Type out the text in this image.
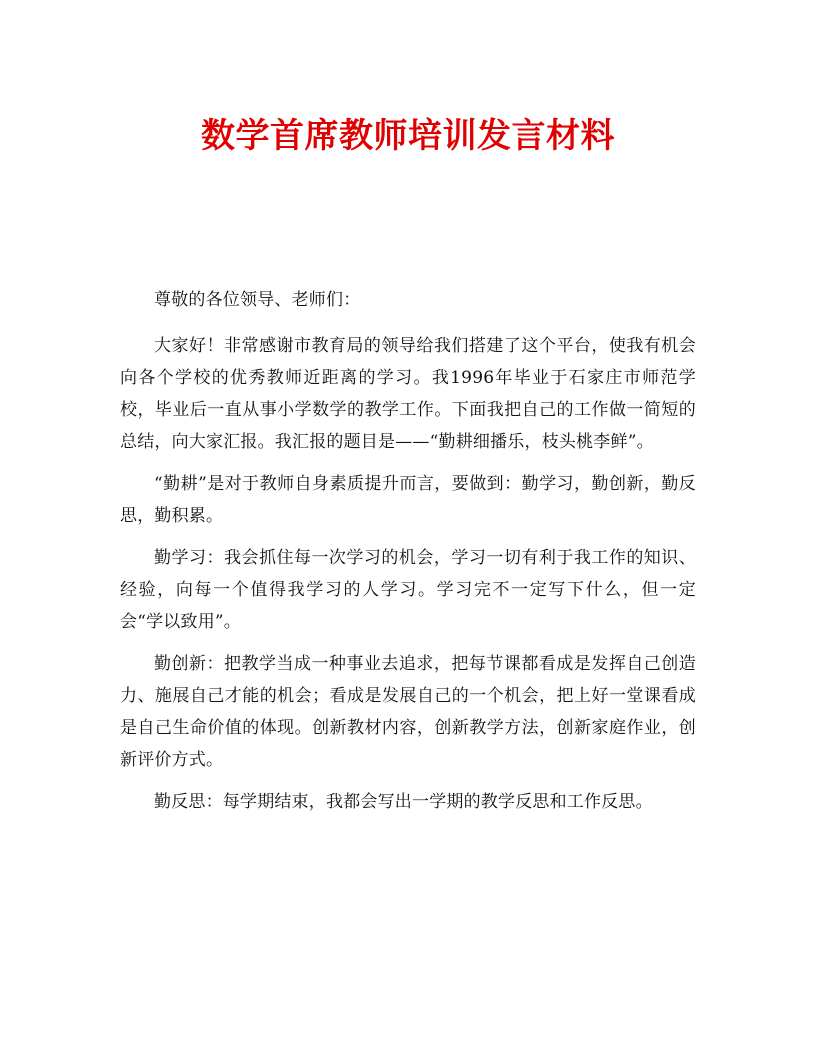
数学首席教师培训发言材料

尊敬的各位领导、老师们：

大家好！非常感谢市教育局的领导给我们搭建了这个平台，使我有机会向各个学校的优秀教师近距离的学习。我1996年毕业于石家庄市师范学校，毕业后一直从事小学数学的教学工作。下面我把自己的工作做一简短的总结，向大家汇报。我汇报的题目是——“勤耕细播乐，枝头桃李鲜”。

“勤耕”是对于教师自身素质提升而言，要做到：勤学习，勤创新，勤反思，勤积累。

勤学习：我会抓住每一次学习的机会，学习一切有利于我工作的知识、经验，向每一个值得我学习的人学习。学习完不一定写下什么，但一定会“学以致用”。

勤创新：把教学当成一种事业去追求，把每节课都看成是发挥自己创造力、施展自己才能的机会；看成是发展自己的一个机会，把上好一堂课看成是自己生命价值的体现。创新教材内容，创新教学方法，创新家庭作业，创新评价方式。

勤反思：每学期结束，我都会写出一学期的教学反思和工作反思。
